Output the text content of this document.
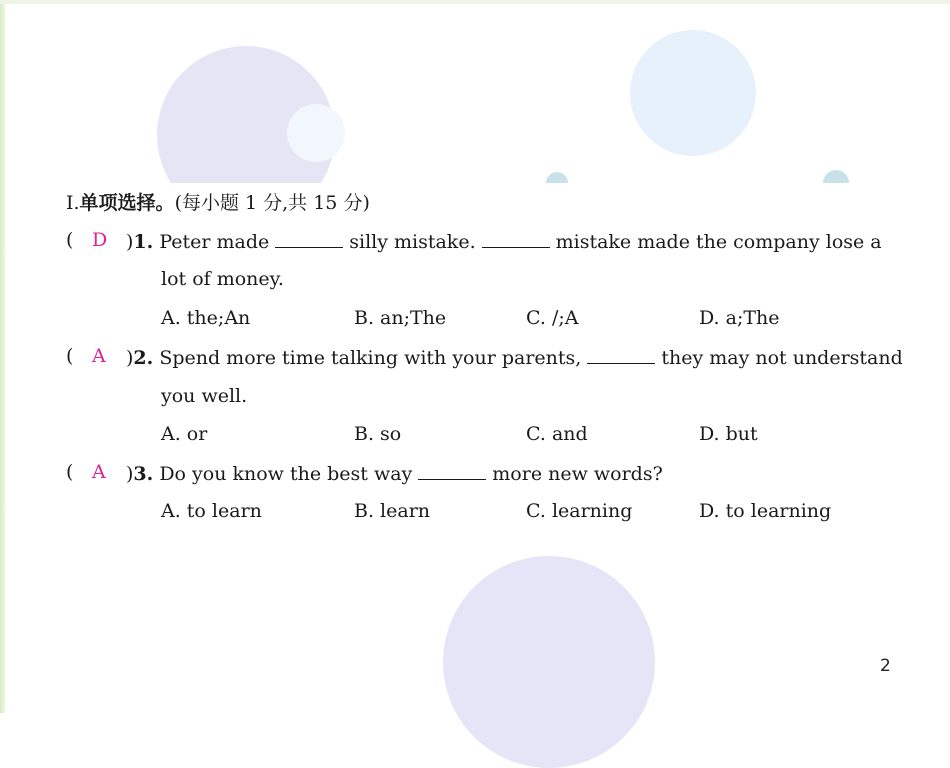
Ⅰ.单项选择。(每小题 1 分,共 15 分)
( D )1. Peter made	silly mistake.	mistake made the company lose a
lot of money.
A. the;An	B. an;The	C. ∕;A	D. a;The
( A )2. Spend more time talking with your parents,	they may not understand
you well.
A. or	B. so	C. and	D. but
( A )3. Do you know the best way	more new words?
A. to learn	B. learn	C. learning	D. to learning
2
